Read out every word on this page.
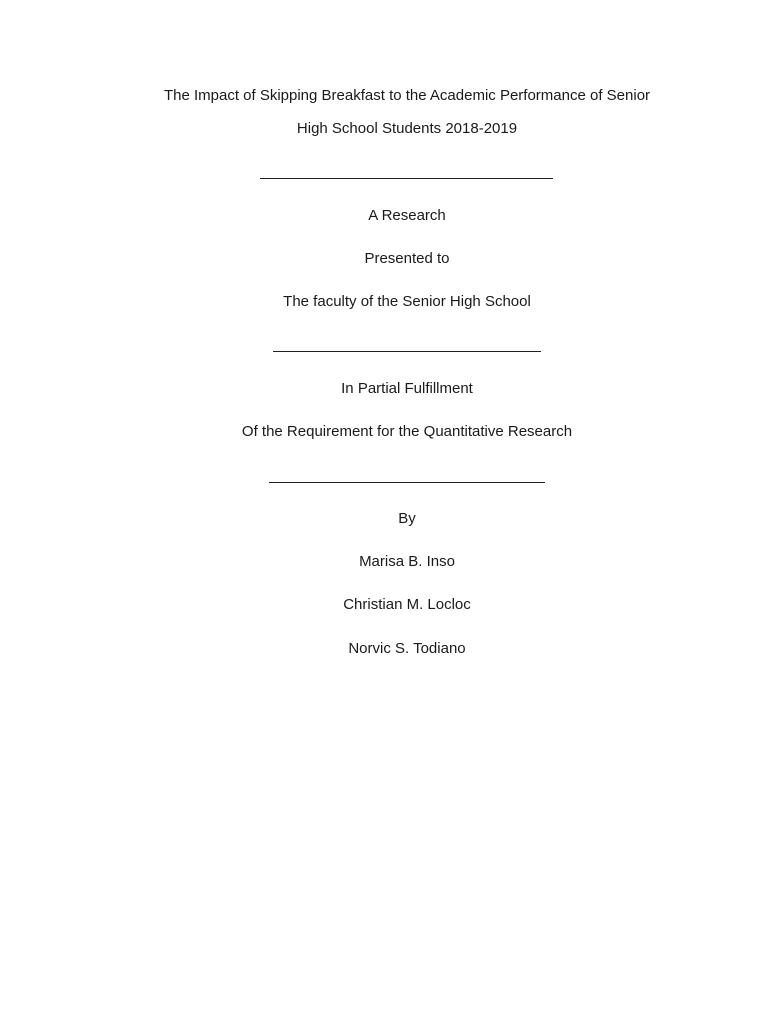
The Impact of Skipping Breakfast to the Academic Performance of Senior
High School Students 2018-2019
A Research
Presented to
The faculty of the Senior High School
In Partial Fulfillment
Of the Requirement for the Quantitative Research
By
Marisa B. Inso
Christian M. Locloc
Norvic S. Todiano
